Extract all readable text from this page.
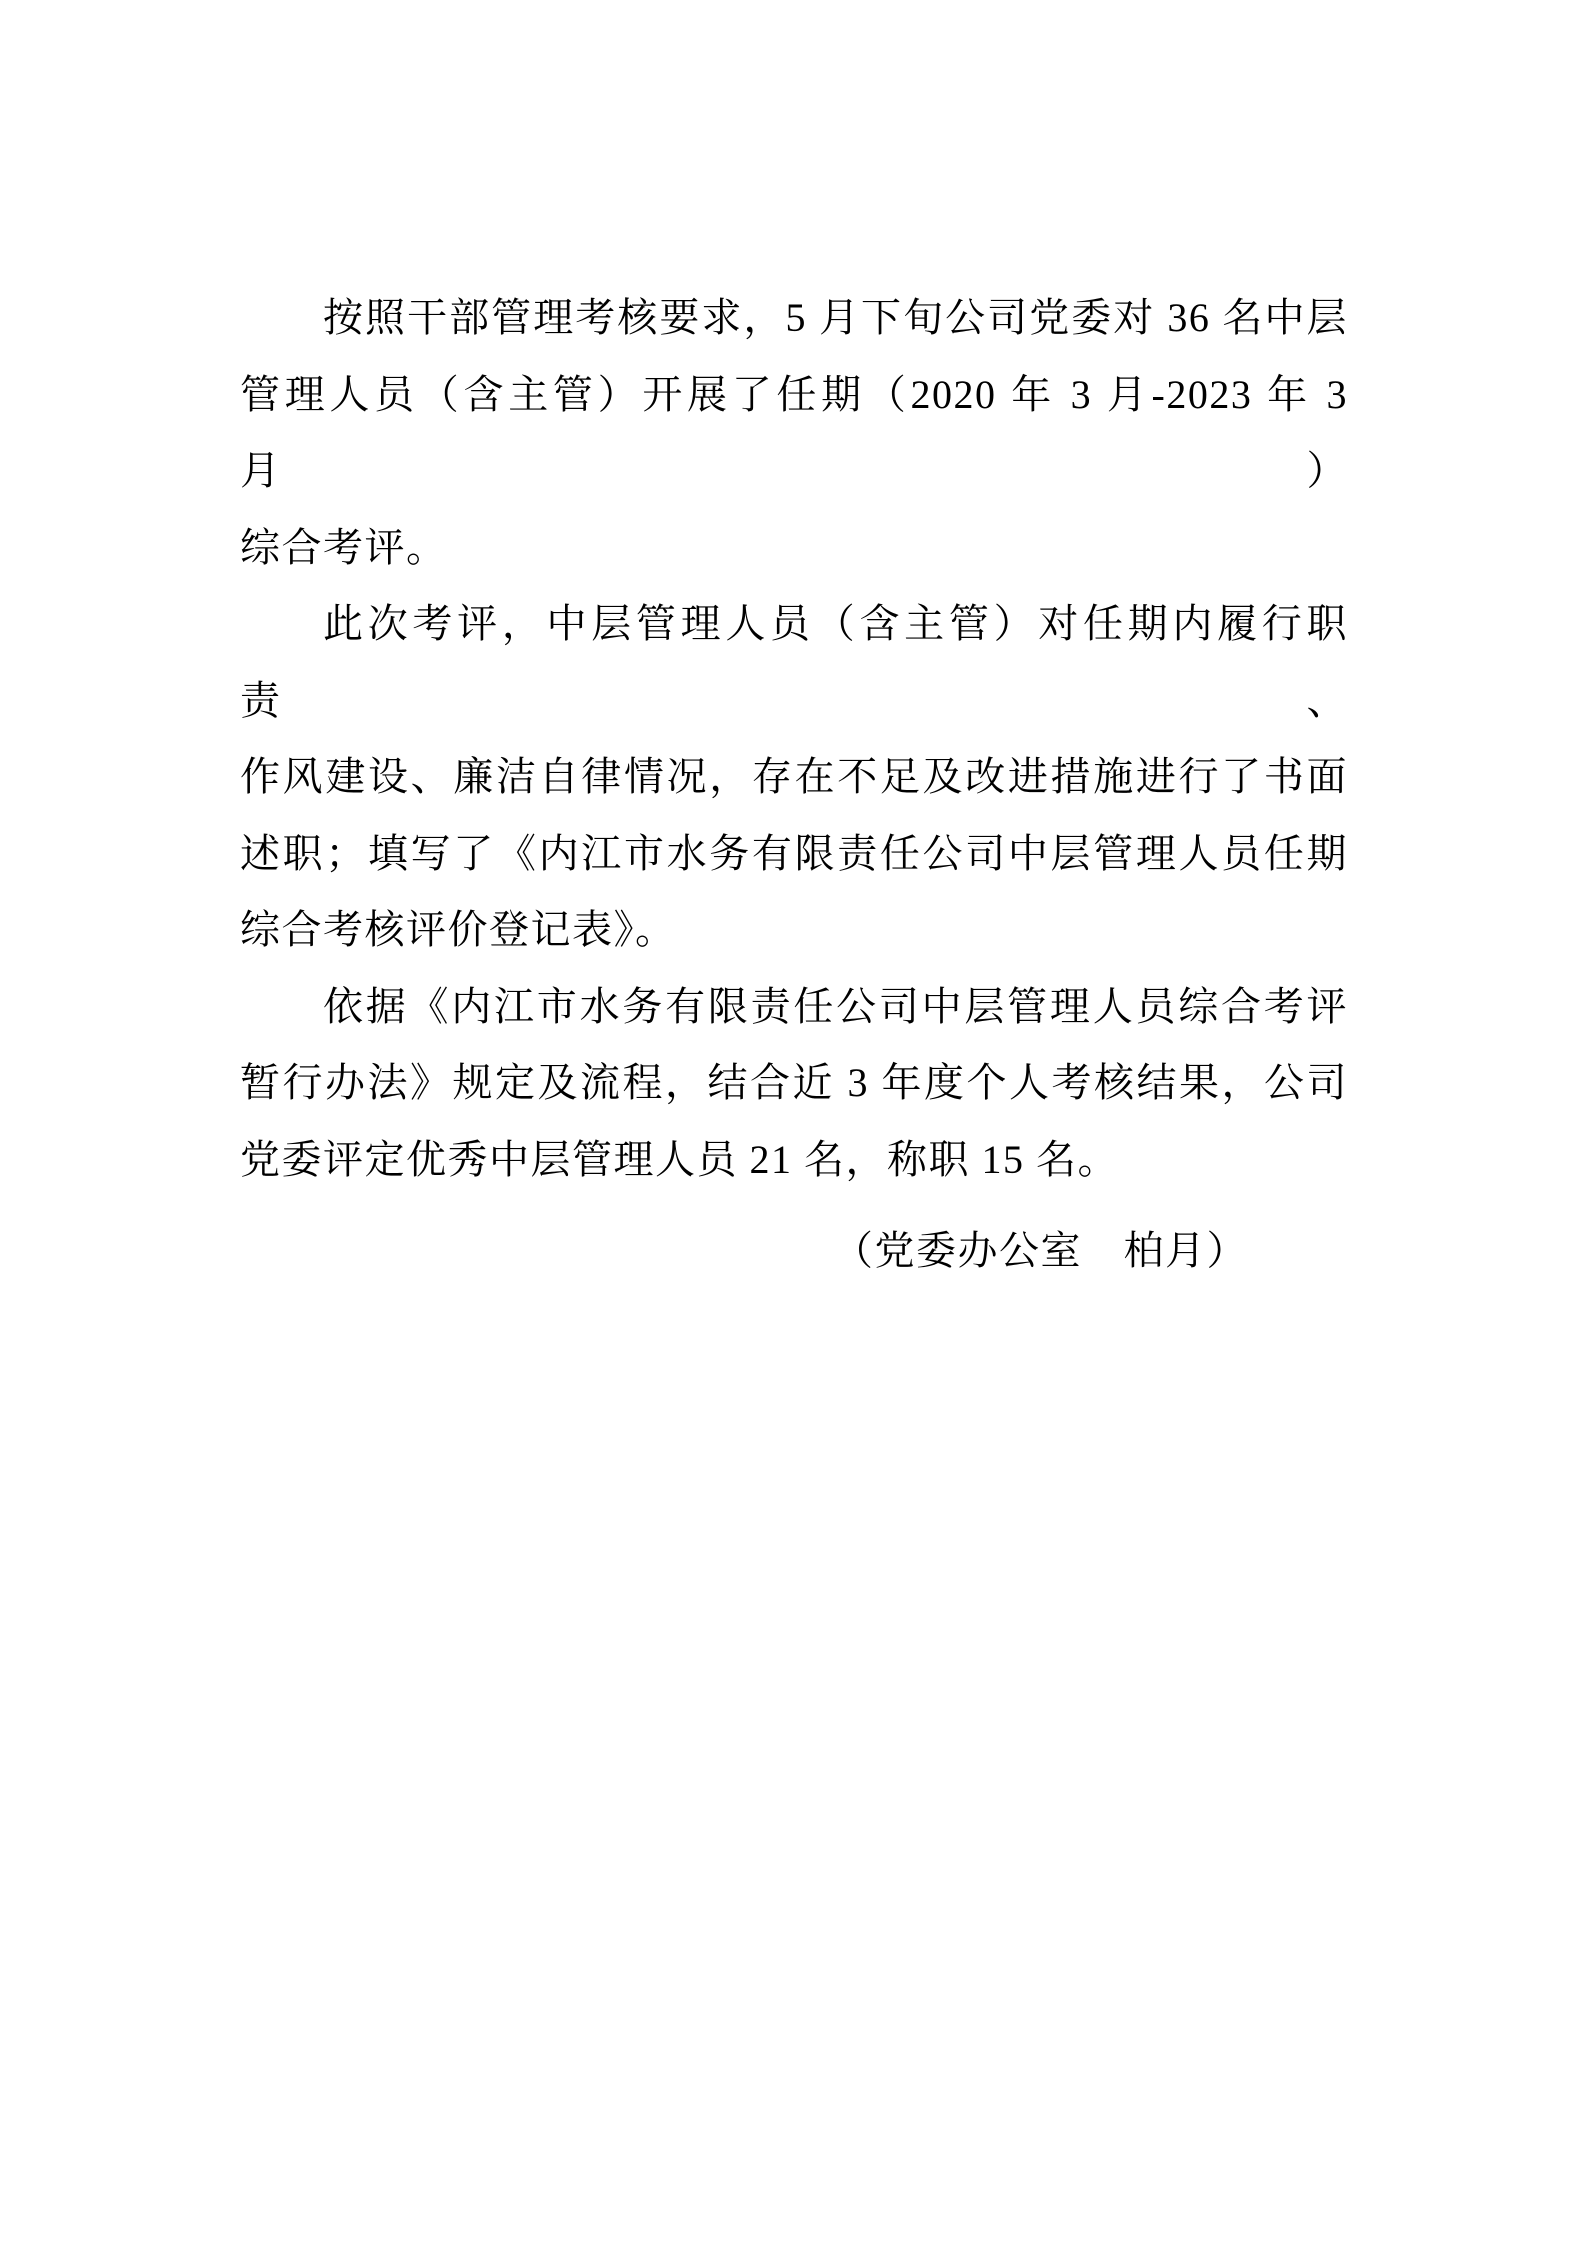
按照干部管理考核要求，5 月下旬公司党委对 36 名中层
管理人员（含主管）开展了任期（2020 年 3 月-2023 年 3 月）
综合考评。
此次考评，中层管理人员（含主管）对任期内履行职责、
作风建设、廉洁自律情况，存在不足及改进措施进行了书面
述职；填写了《内江市水务有限责任公司中层管理人员任期
综合考核评价登记表》。
依据《内江市水务有限责任公司中层管理人员综合考评
暂行办法》规定及流程，结合近 3 年度个人考核结果，公司
党委评定优秀中层管理人员 21 名，称职 15 名。
（党委办公室　柏月）
